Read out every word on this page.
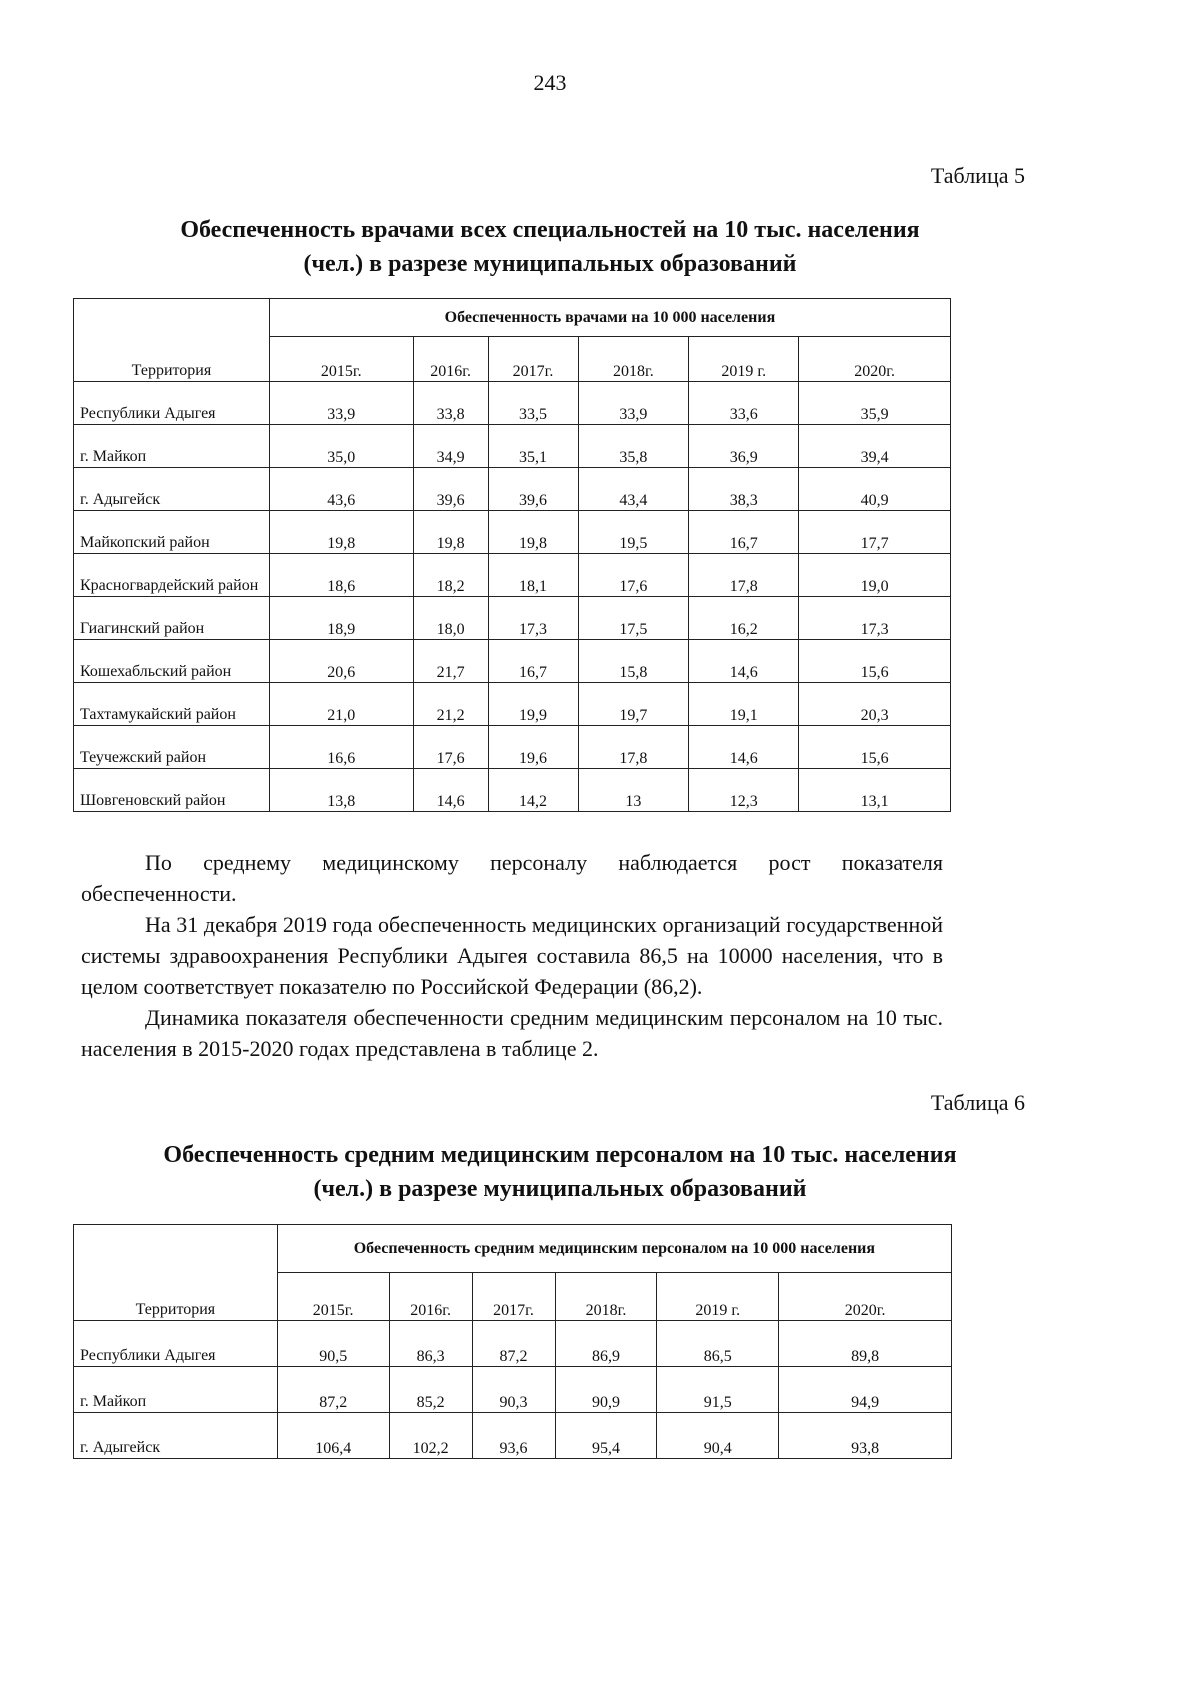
243
Таблица 5
Обеспеченность врачами всех специальностей на 10 тыс. населения
(чел.) в разрезе муниципальных образований
Территория	Обеспеченность врачами на 10 000 населения					
	2015г.	2016г.	2017г.	2018г.	2019 г.	2020г.
Республики Адыгея	33,9	33,8	33,5	33,9	33,6	35,9
г. Майкоп	35,0	34,9	35,1	35,8	36,9	39,4
г. Адыгейск	43,6	39,6	39,6	43,4	38,3	40,9
Майкопский район	19,8	19,8	19,8	19,5	16,7	17,7
Красногвардейский район	18,6	18,2	18,1	17,6	17,8	19,0
Гиагинский район	18,9	18,0	17,3	17,5	16,2	17,3
Кошехабльский район	20,6	21,7	16,7	15,8	14,6	15,6
Тахтамукайский район	21,0	21,2	19,9	19,7	19,1	20,3
Теучежский район	16,6	17,6	19,6	17,8	14,6	15,6
Шовгеновский район	13,8	14,6	14,2	13	12,3	13,1
По среднему медицинскому персоналу наблюдается рост показателя обеспеченности.
На 31 декабря 2019 года обеспеченность медицинских организаций государственной системы здравоохранения Республики Адыгея составила 86,5 на 10000 населения, что в целом соответствует показателю по Российской Федерации (86,2).
Динамика показателя обеспеченности средним медицинским персоналом на 10 тыс. населения в 2015-2020 годах представлена в таблице 2.
Таблица 6
Обеспеченность средним медицинским персоналом на 10 тыс. населения
(чел.) в разрезе муниципальных образований
Территория	Обеспеченность средним медицинским персоналом на 10 000 населения					
	2015г.	2016г.	2017г.	2018г.	2019 г.	2020г.
Республики Адыгея	90,5	86,3	87,2	86,9	86,5	89,8
г. Майкоп	87,2	85,2	90,3	90,9	91,5	94,9
г. Адыгейск	106,4	102,2	93,6	95,4	90,4	93,8
